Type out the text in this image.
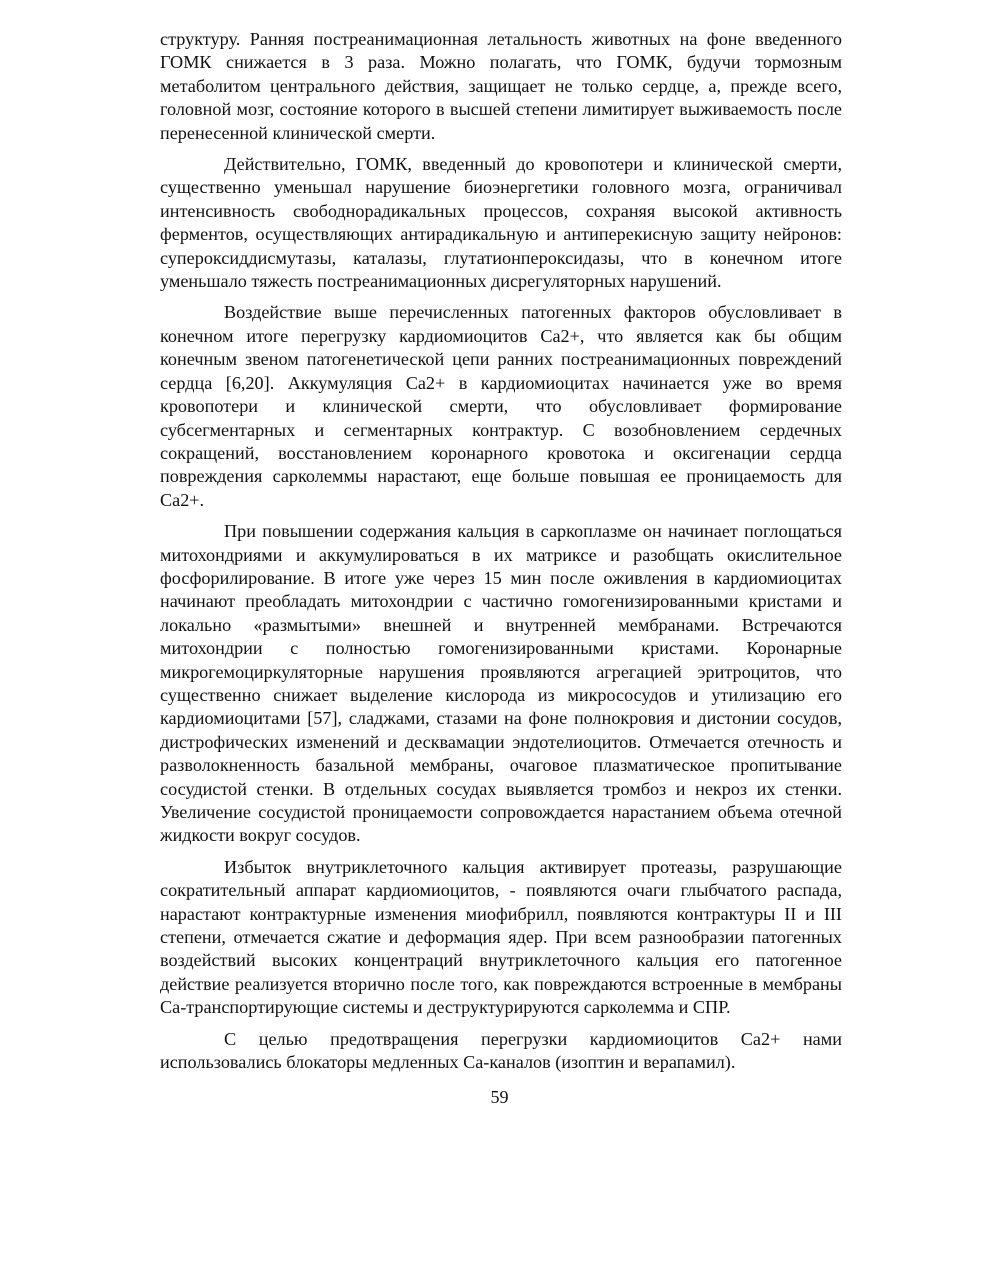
структуру. Ранняя постреанимационная летальность животных на фоне введенного ГОМК снижается в 3 раза. Можно полагать, что ГОМК, будучи тормозным метаболитом центрального действия, защищает не только сердце, а, прежде всего, головной мозг, состояние которого в высшей степени лимитирует выживаемость после перенесенной клинической смерти.

Действительно, ГОМК, введенный до кровопотери и клинической смерти, существенно уменьшал нарушение биоэнергетики головного мозга, ограничивал интенсивность свободнорадикальных процессов, сохраняя высокой активность ферментов, осуществляющих антирадикальную и антиперекисную защиту нейронов: супероксиддисмутазы, каталазы, глутатионпероксидазы, что в конечном итоге уменьшало тяжесть постреанимационных дисрегуляторных нарушений.

Воздействие выше перечисленных патогенных факторов обусловливает в конечном итоге перегрузку кардиомиоцитов Са2+, что является как бы общим конечным звеном патогенетической цепи ранних постреанимационных повреждений сердца [6,20]. Аккумуляция Са2+ в кардиомиоцитах начинается уже во время кровопотери и клинической смерти, что обусловливает формирование субсегментарных и сегментарных контрактур. С возобновлением сердечных сокращений, восстановлением коронарного кровотока и оксигенации сердца повреждения сарколеммы нарастают, еще больше повышая ее проницаемость для Са2+.

При повышении содержания кальция в саркоплазме он начинает поглощаться митохондриями и аккумулироваться в их матриксе и разобщать окислительное фосфорилирование. В итоге уже через 15 мин после оживления в кардиомиоцитах начинают преобладать митохондрии с частично гомогенизированными кристами и локально «размытыми» внешней и внутренней мембранами. Встречаются митохондрии с полностью гомогенизированными кристами. Коронарные микрогемоциркуляторные нарушения проявляются агрегацией эритроцитов, что существенно снижает выделение кислорода из микрососудов и утилизацию его кардиомиоцитами [57], сладжами, стазами на фоне полнокровия и дистонии сосудов, дистрофических изменений и десквамации эндотелиоцитов. Отмечается отечность и разволокненность базальной мембраны, очаговое плазматическое пропитывание сосудистой стенки. В отдельных сосудах выявляется тромбоз и некроз их стенки. Увеличение сосудистой проницаемости сопровождается нарастанием объема отечной жидкости вокруг сосудов.

Избыток внутриклеточного кальция активирует протеазы, разрушающие сократительный аппарат кардиомиоцитов, - появляются очаги глыбчатого распада, нарастают контрактурные изменения миофибрилл, появляются контрактуры II и III степени, отмечается сжатие и деформация ядер. При всем разнообразии патогенных воздействий высоких концентраций внутриклеточного кальция его патогенное действие реализуется вторично после того, как повреждаются встроенные в мембраны Са-транспортирующие системы и деструктурируются сарколемма и СПР.

С целью предотвращения перегрузки кардиомиоцитов Са2+ нами использовались блокаторы медленных Са-каналов (изоптин и верапамил).

59
